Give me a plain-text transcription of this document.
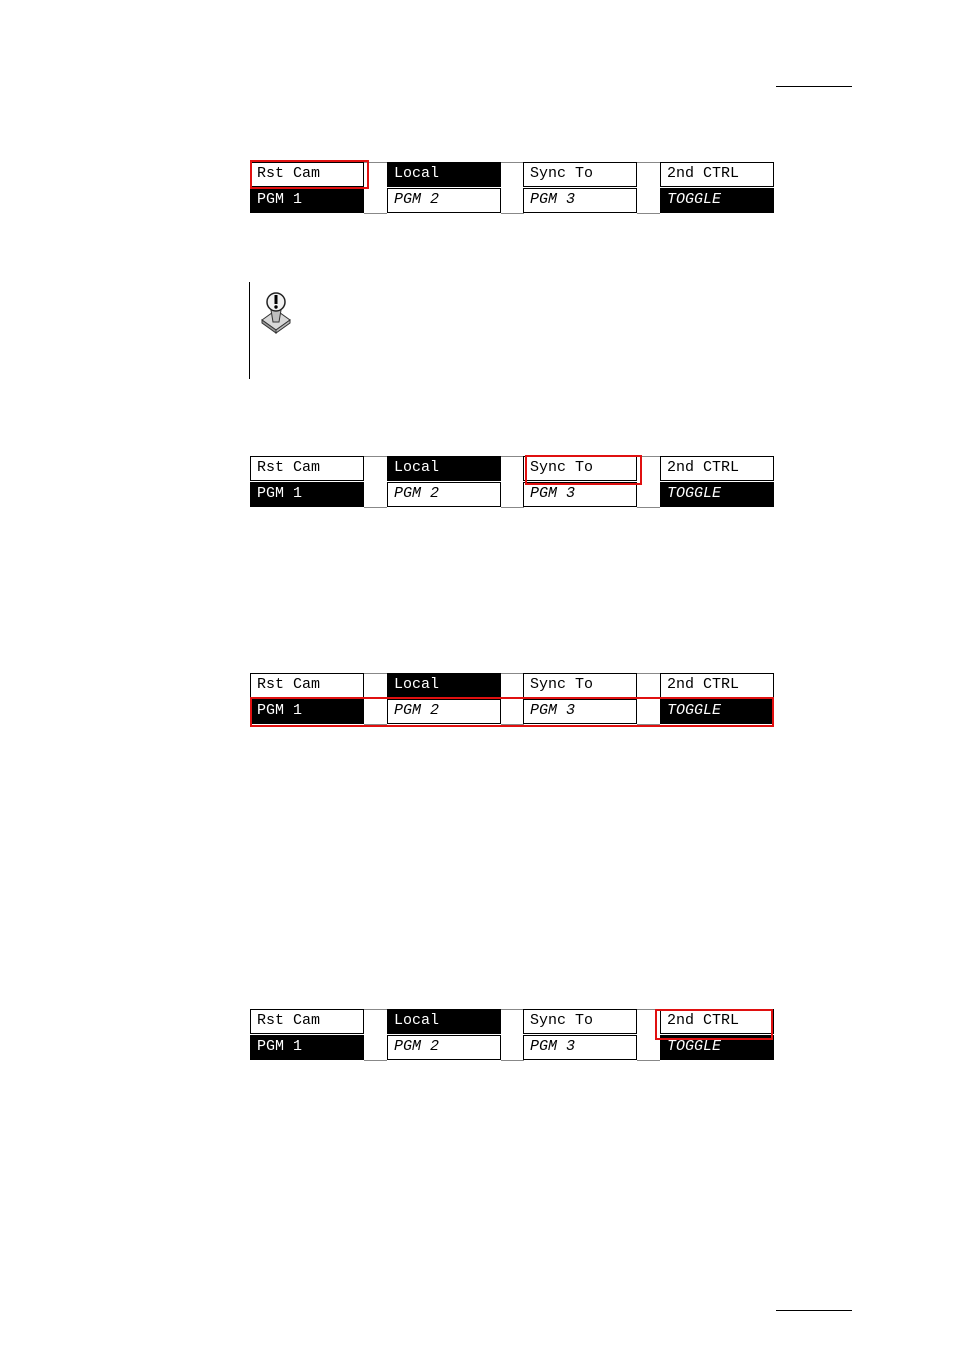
Rst Cam	Local	Sync To	2nd CTRL
PGM 1	PGM 2	PGM 3	TOGGLE
Rst Cam	Local	Sync To	2nd CTRL
PGM 1	PGM 2	PGM 3	TOGGLE
Rst Cam	Local	Sync To	2nd CTRL
PGM 1	PGM 2	PGM 3	TOGGLE
Rst Cam	Local	Sync To	2nd CTRL
PGM 1	PGM 2	PGM 3	TOGGLE
